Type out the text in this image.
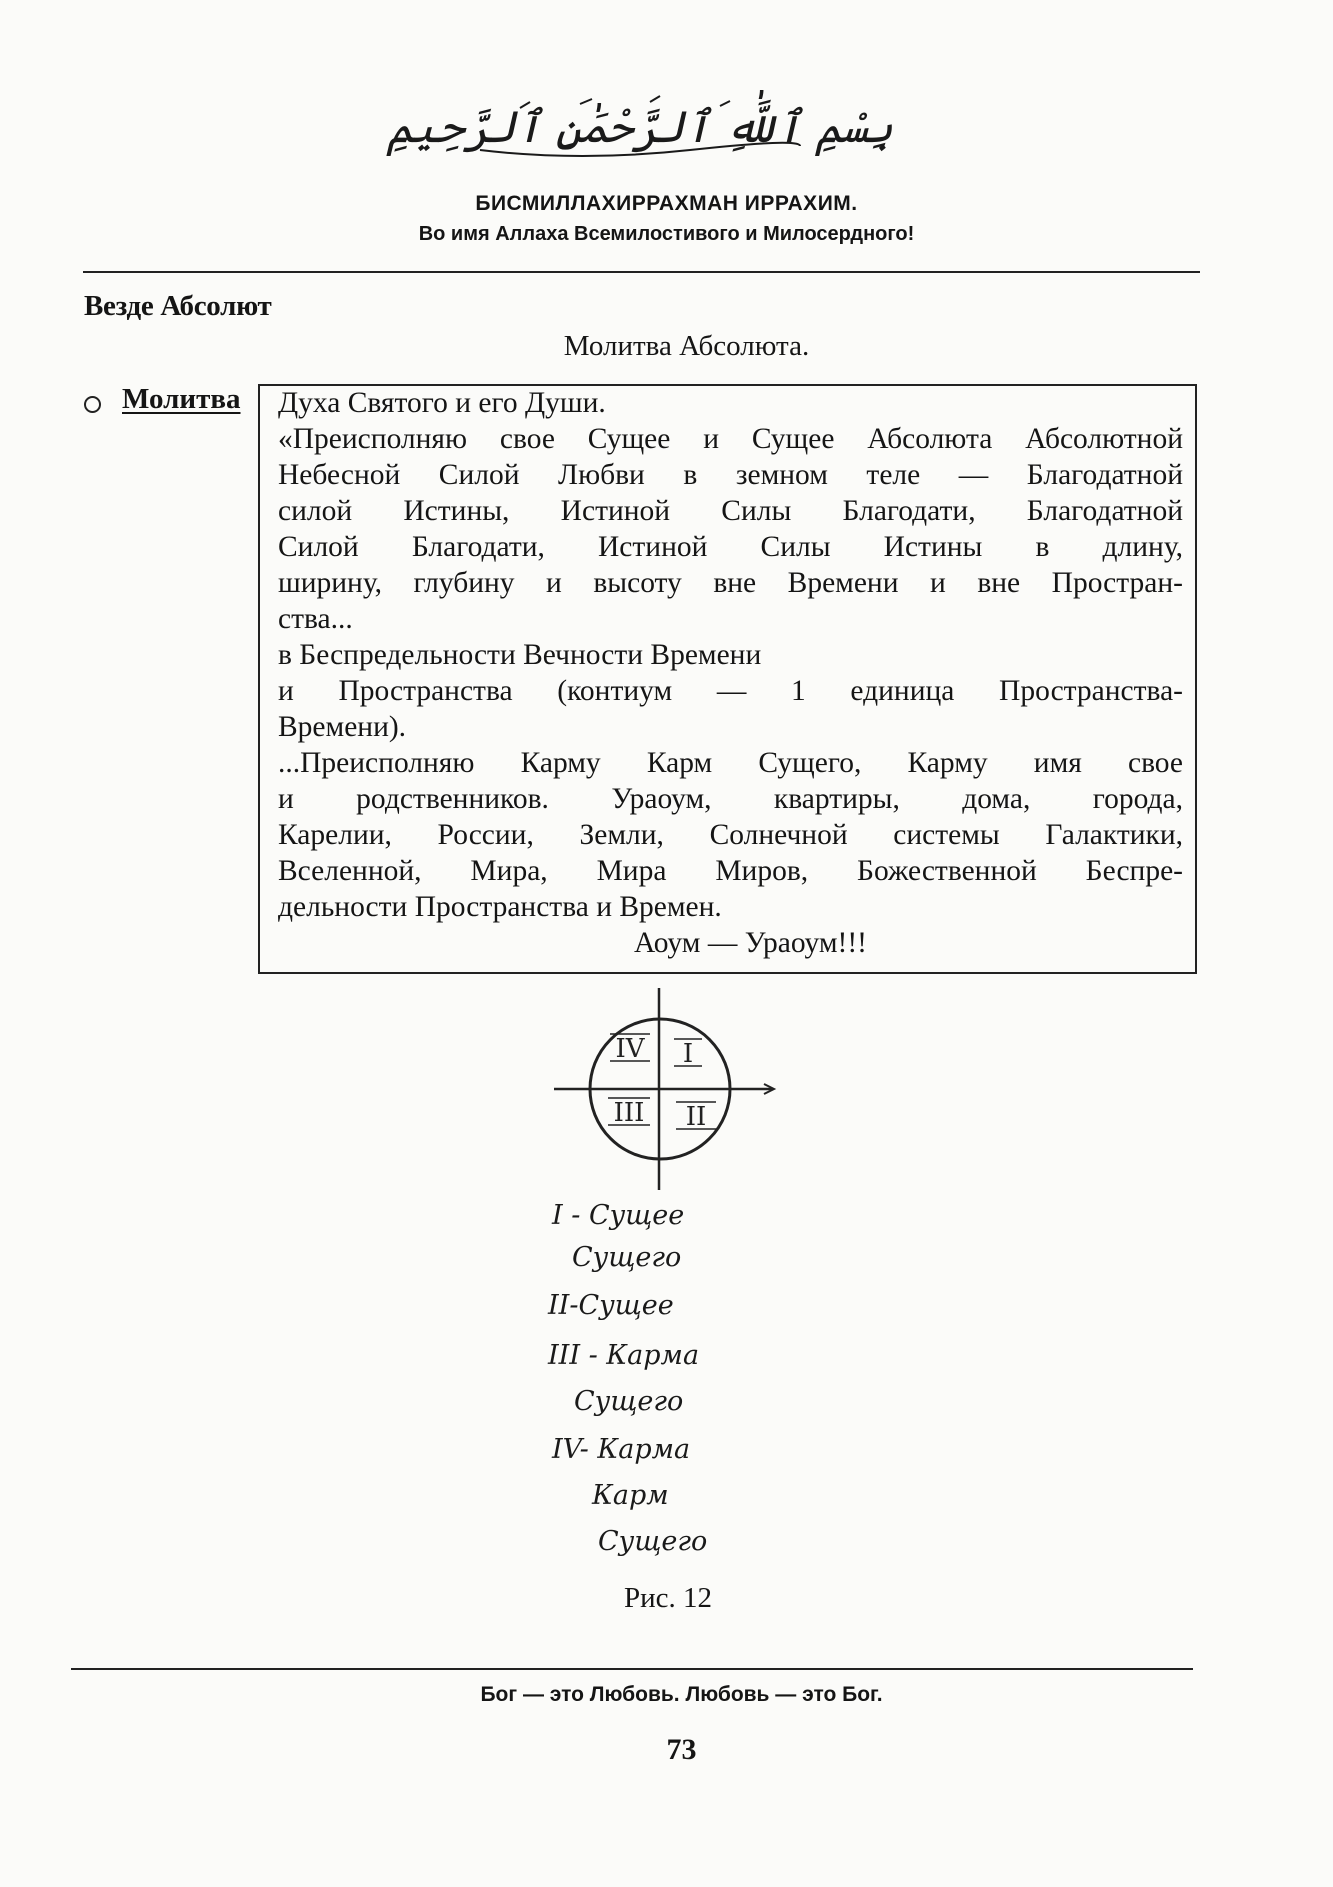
بِسْمِ ٱللَّٰهِ ٱلرَّحْمَٰنِ ٱلرَّحِيمِ
БИСМИЛЛАХИРРАХМАН ИРРАХИМ.
Во имя Аллаха Всемилостивого и Милосердного!
Везде Абсолют
Молитва Абсолюта.
Молитва Духа Святого и его Души.
«Преисполняю свое Сущее и Сущее Абсолюта Абсолютной
Небесной Силой Любви в земном теле — Благодатной
силой Истины, Истиной Силы Благодати, Благодатной
Силой Благодати, Истиной Силы Истины в длину,
ширину, глубину и высоту вне Времени и вне Простран-
ства...
в Беспредельности Вечности Времени
и Пространства (контиум — 1 единица Пространства-
Времени).
...Преисполняю Карму Карм Сущего, Карму имя свое
и родственников. Ураоум, квартиры, дома, города,
Карелии, России, Земли, Солнечной системы Галактики,
Вселенной, Мира, Мира Миров, Божественной Беспре-
дельности Пространства и Времен.
Аоум — Ураоум!!!
I
II
III
IV
I - Сущее
Сущего
II-Сущее
III - Карма
Сущего
IV- Карма
Карм
Сущего
Рис. 12
Бог — это Любовь. Любовь — это Бог.
73
